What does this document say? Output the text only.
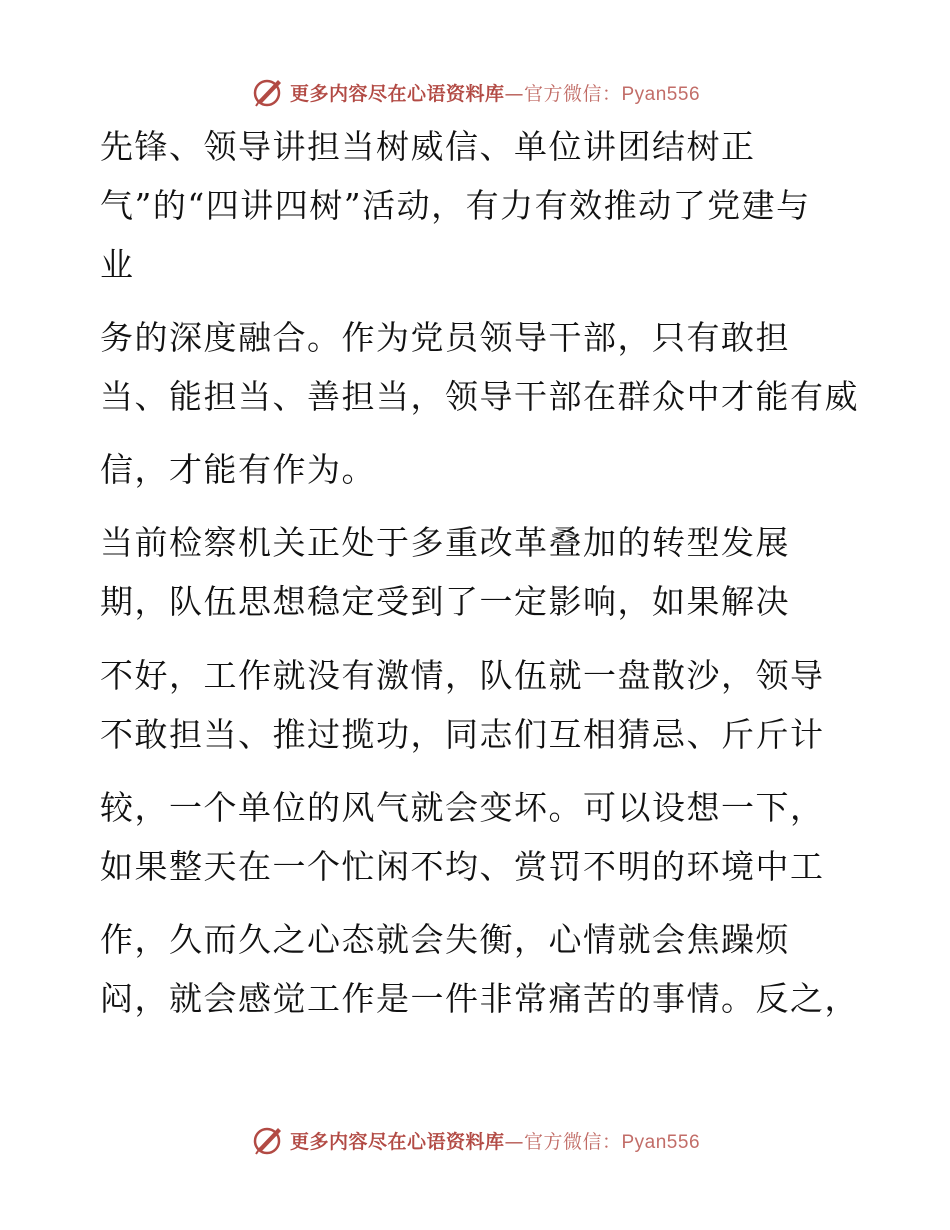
更多内容尽在心语资料库—官方微信：Pyan556
先锋、领导讲担当树威信、单位讲团结树正
气”的“四讲四树”活动，有力有效推动了党建与
业
务的深度融合。作为党员领导干部，只有敢担
当、能担当、善担当，领导干部在群众中才能有威
信，才能有作为。
当前检察机关正处于多重改革叠加的转型发展
期，队伍思想稳定受到了一定影响，如果解决
不好，工作就没有激情，队伍就一盘散沙，领导
不敢担当、推过揽功，同志们互相猜忌、斤斤计
较，一个单位的风气就会变坏。可以设想一下，
如果整天在一个忙闲不均、赏罚不明的环境中工
作，久而久之心态就会失衡，心情就会焦躁烦
闷，就会感觉工作是一件非常痛苦的事情。反之，
更多内容尽在心语资料库—官方微信：Pyan556
